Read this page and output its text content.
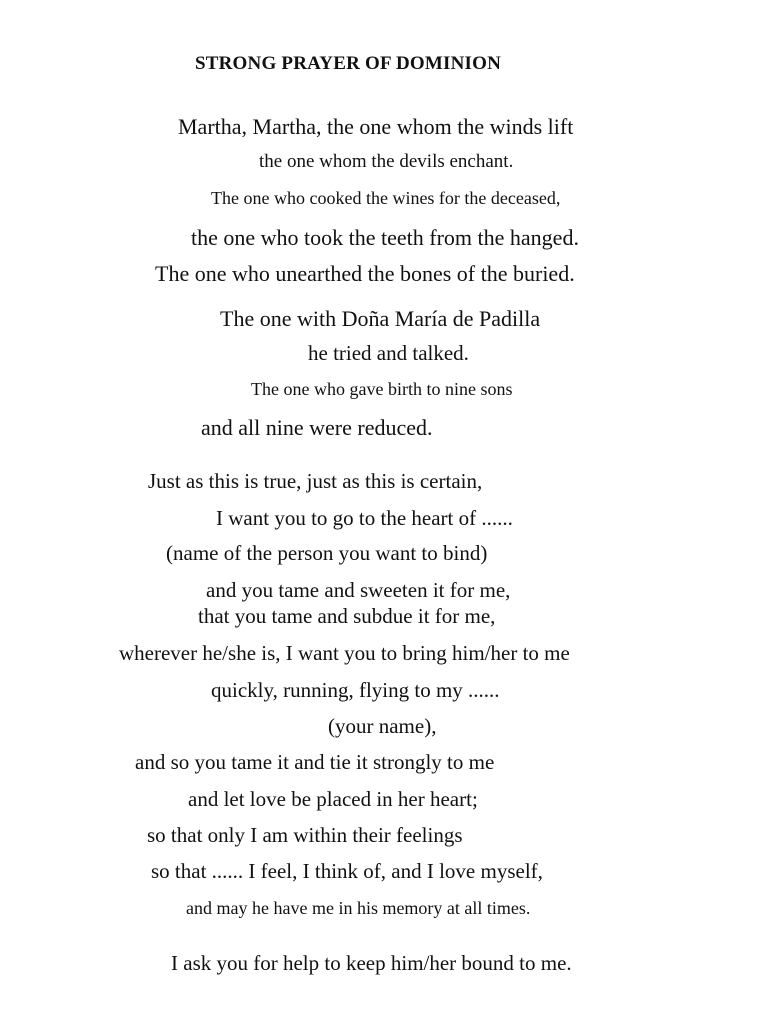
STRONG PRAYER OF DOMINION
Martha, Martha, the one whom the winds lift
the one whom the devils enchant.
The one who cooked the wines for the deceased,
the one who took the teeth from the hanged.
The one who unearthed the bones of the buried.
The one with Doña María de Padilla
he tried and talked.
The one who gave birth to nine sons
and all nine were reduced.
Just as this is true, just as this is certain,
I want you to go to the heart of ......
(name of the person you want to bind)
and you tame and sweeten it for me,
that you tame and subdue it for me,
wherever he/she is, I want you to bring him/her to me
quickly, running, flying to my ......
(your name),
and so you tame it and tie it strongly to me
and let love be placed in her heart;
so that only I am within their feelings
so that ...... I feel, I think of, and I love myself,
and may he have me in his memory at all times.
I ask you for help to keep him/her bound to me.
